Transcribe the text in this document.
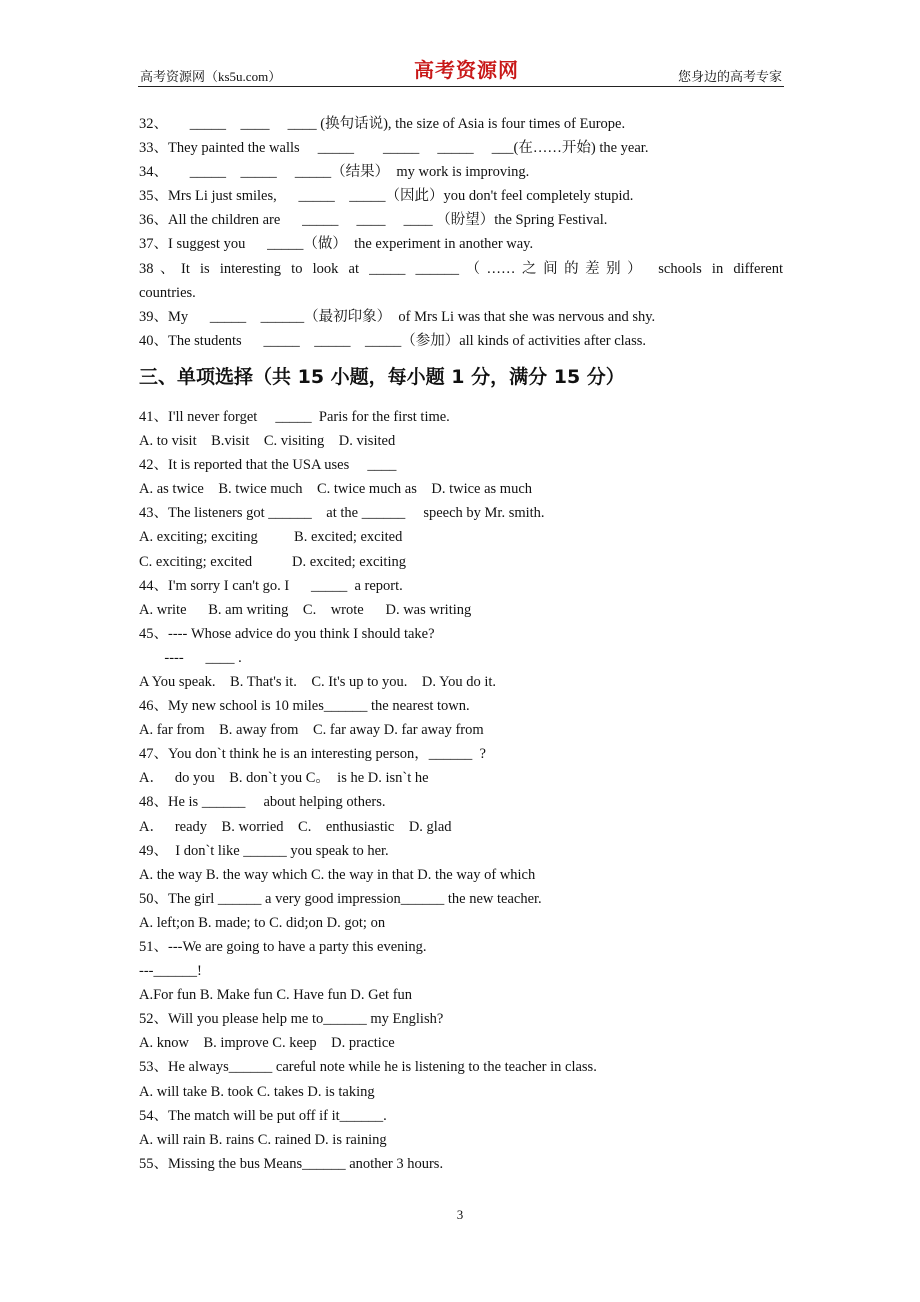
高考资源网（ks5u.com）	高考资源网	您身边的高考专家
32、      _____    ____     ____ (换句话说), the size of Asia is four times of Europe.
33、They painted the walls     _____        _____     _____     ___(在……开始) the year.
34、      _____    _____     _____（结果）  my work is improving.
35、Mrs Li just smiles,      _____    _____（因此）you don't feel completely stupid.
36、All the children are      _____     ____     ____ （盼望）the Spring Festival.
37、I suggest you      _____（做）  the experiment in another way.
38、It is interesting to look at _____ ______（……之间的差别） schools in different
countries.
39、My      _____    ______（最初印象）  of Mrs Li was that she was nervous and shy.
40、The students      _____    _____    _____（参加）all kinds of activities after class.
三、单项选择（共 15 小题，每小题 1 分，满分 15 分）
41、I'll never forget     _____  Paris for the first time.
A. to visit    B.visit    C. visiting    D. visited
42、It is reported that the USA uses     ____
A. as twice    B. twice much    C. twice much as    D. twice as much
43、The listeners got ______    at the ______     speech by Mr. smith.
A. exciting; exciting          B. excited; excited
C. exciting; excited           D. excited; exciting
44、I'm sorry I can't go. I      _____  a report.
A. write      B. am writing    C.    wrote      D. was writing
45、---- Whose advice do you think I should take?
----      ____ .
A You speak.    B. That's it.    C. It's up to you.    D. You do it.
46、My new school is 10 miles______ the nearest town.
A. far from    B. away from    C. far away D. far away from
47、You don`t think he is an interesting person，______  ?
A．   do you    B. don`t you C。  is he D. isn`t he
48、He is ______     about helping others.
A．   ready    B. worried    C.    enthusiastic    D. glad
49、  I don`t like ______ you speak to her.
A. the way B. the way which C. the way in that D. the way of which
50、The girl ______ a very good impression______ the new teacher.
A. left;on B. made; to C. did;on D. got; on
51、---We are going to have a party this evening.
---______!
A.For fun B. Make fun C. Have fun D. Get fun
52、Will you please help me to______ my English?
A. know    B. improve C. keep    D. practice
53、He always______ careful note while he is listening to the teacher in class.
A. will take B. took C. takes D. is taking
54、The match will be put off if it______.
A. will rain B. rains C. rained D. is raining
55、Missing the bus Means______ another 3 hours.
3
